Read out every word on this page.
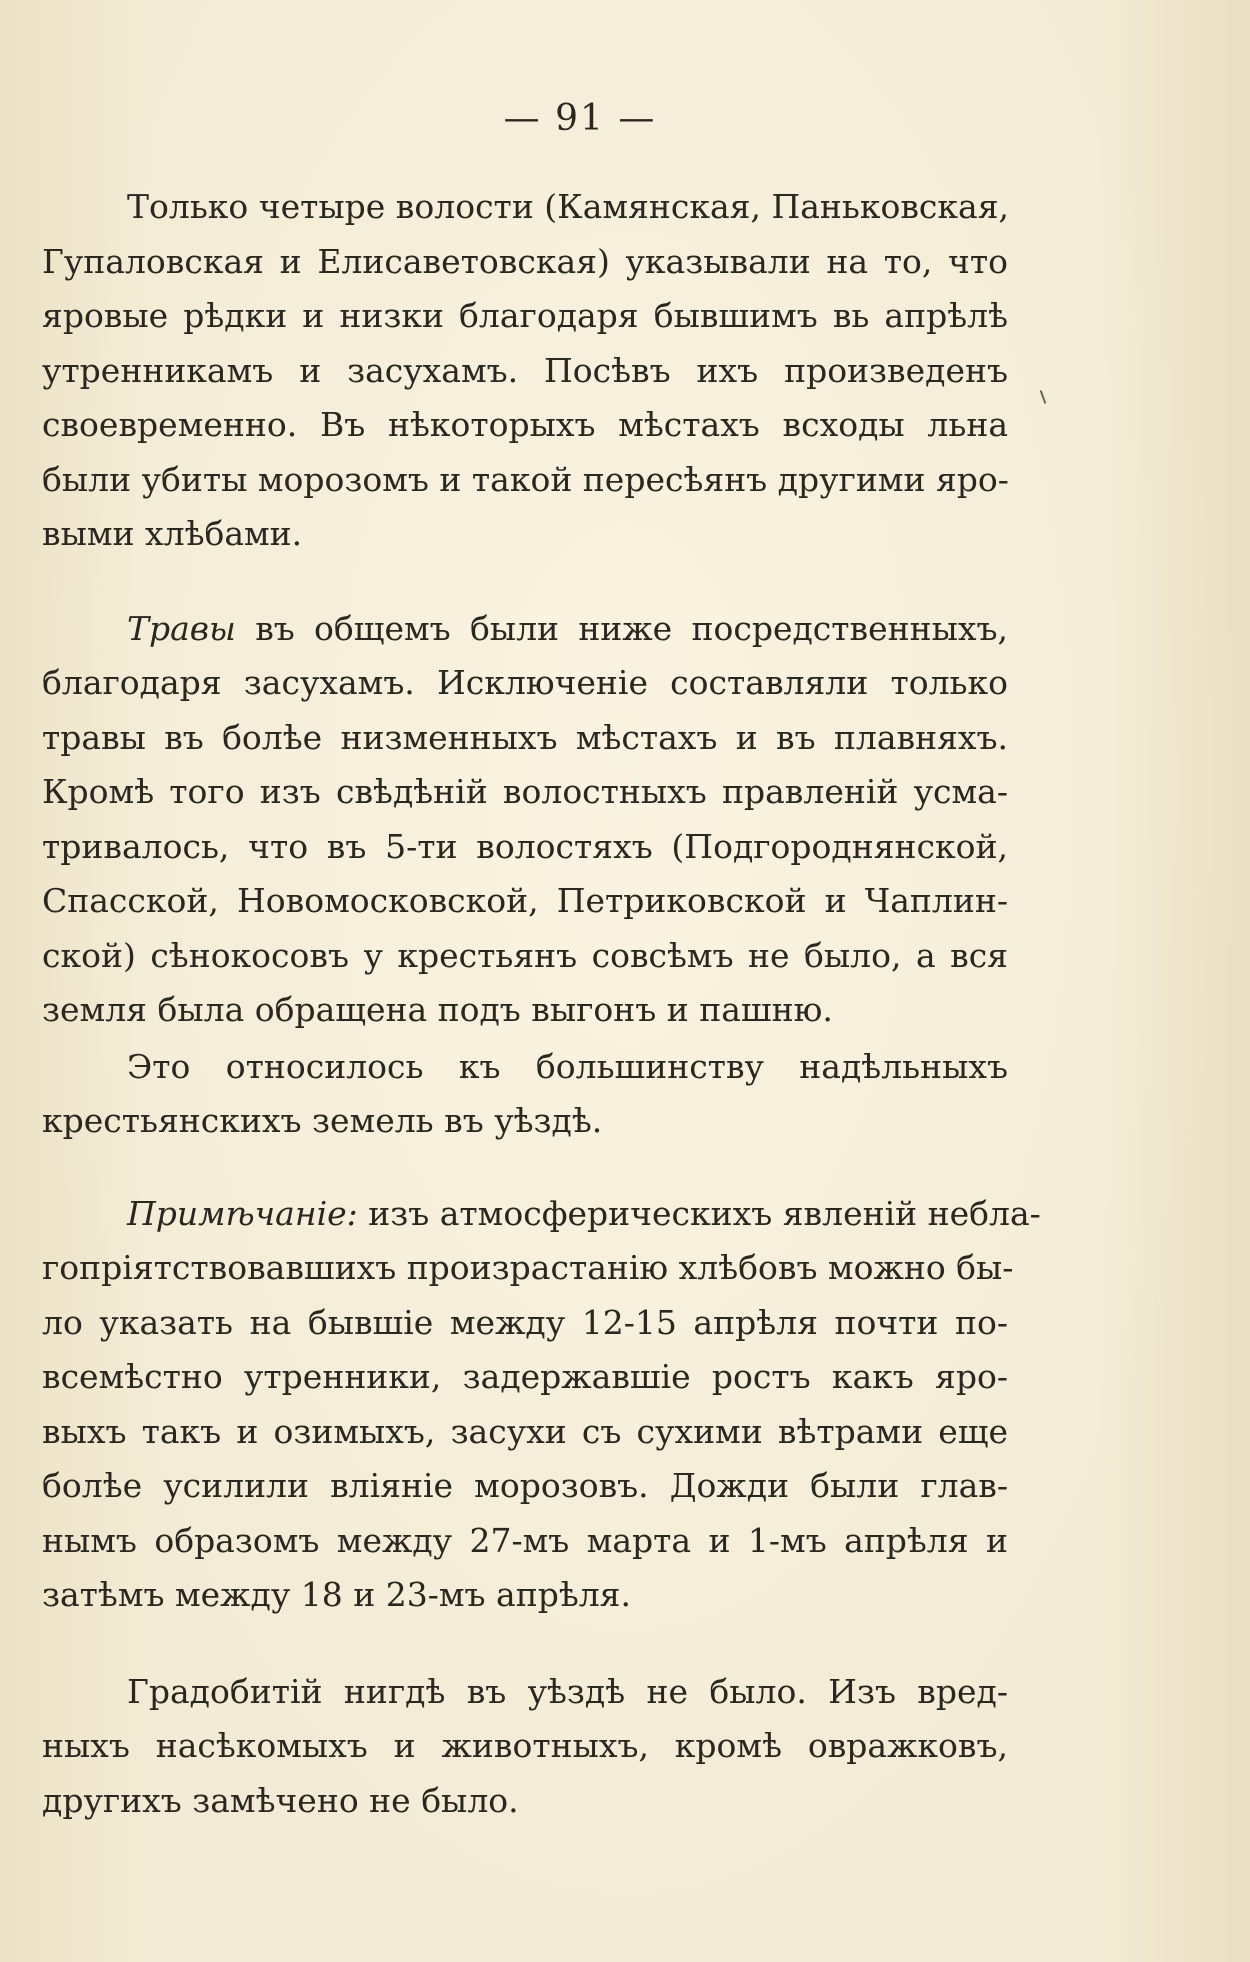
— 91 —

Только четыре волости (Камянская, Паньковская,
Гупаловская и Елисаветовская) указывали на то, что
яровые рѣдки и низки благодаря бывшимъ вь апрѣлѣ
утренникамъ и засухамъ. Посѣвъ ихъ произведенъ
своевременно. Въ нѣкоторыхъ мѣстахъ всходы льна
были убиты морозомъ и такой пересѣянъ другими яро-
выми хлѣбами.

Травы въ общемъ были ниже посредственныхъ,
благодаря засухамъ. Исключенiе составляли только
травы въ болѣе низменныхъ мѣстахъ и въ плавняхъ.
Кромѣ того изъ свѣдѣнiй волостныхъ правленiй усма-
тривалось, что въ 5-ти волостяхъ (Подгороднянской,
Спасской, Новомосковской, Петриковской и Чаплин-
ской) сѣнокосовъ у крестьянъ совсѣмъ не было, а вся
земля была обращена подъ выгонъ и пашню.

Это относилось къ большинству надѣльныхъ
крестьянскихъ земель въ уѣздѣ.

Примѣчанiе: изъ атмосферическихъ явленiй небла-
гопрiятствовавшихъ произрастанiю хлѣбовъ можно бы-
ло указать на бывшiе между 12-15 апрѣля почти по-
всемѣстно утренники, задержавшiе ростъ какъ яро-
выхъ такъ и озимыхъ, засухи съ сухими вѣтрами еще
болѣе усилили влiянiе морозовъ. Дожди были глав-
нымъ образомъ между 27-мъ марта и 1-мъ апрѣля и
затѣмъ между 18 и 23-мъ апрѣля.

Градобитiй нигдѣ въ уѣздѣ не было. Изъ вред-
ныхъ насѣкомыхъ и животныхъ, кромѣ овражковъ,
другихъ замѣчено не было.
